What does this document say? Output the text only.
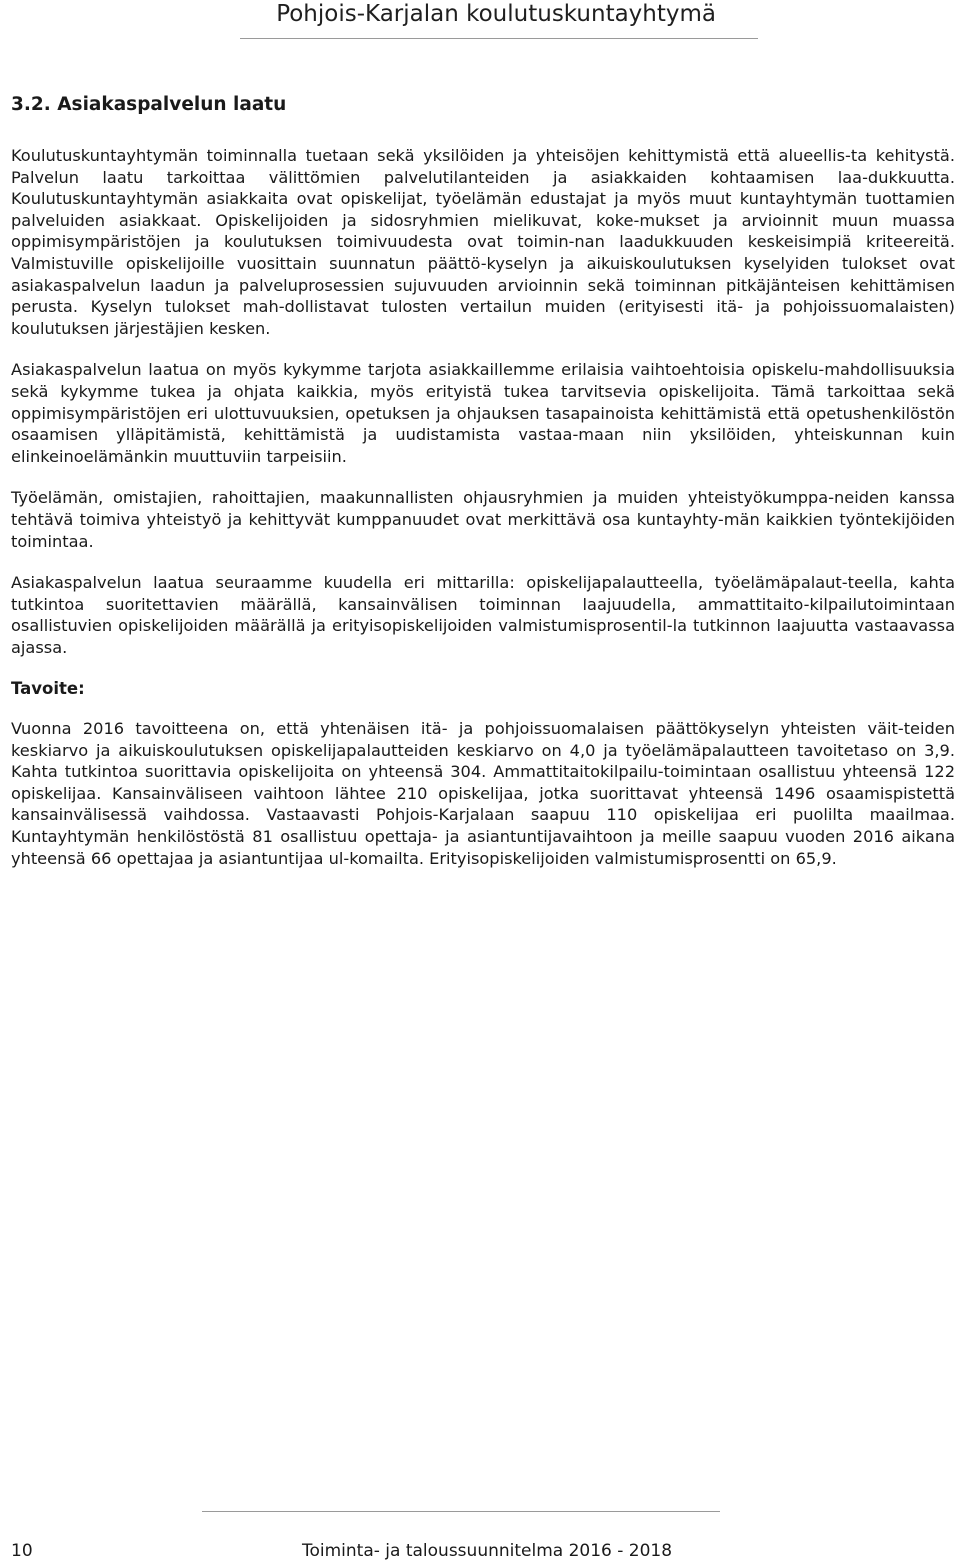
Pohjois-Karjalan koulutuskuntayhtymä
3.2. Asiakaspalvelun laatu

Koulutuskuntayhtymän toiminnalla tuetaan sekä yksilöiden ja yhteisöjen kehittymistä että alueellis-ta kehitystä. Palvelun laatu tarkoittaa välittömien palvelutilanteiden ja asiakkaiden kohtaamisen laa-dukkuutta. Koulutuskuntayhtymän asiakkaita ovat opiskelijat, työelämän edustajat ja myös muut kuntayhtymän tuottamien palveluiden asiakkaat. Opiskelijoiden ja sidosryhmien mielikuvat, koke-mukset ja arvioinnit muun muassa oppimisympäristöjen ja koulutuksen toimivuudesta ovat toimin-nan laadukkuuden keskeisimpiä kriteereitä. Valmistuville opiskelijoille vuosittain suunnatun päättö-kyselyn ja aikuiskoulutuksen kyselyiden tulokset ovat asiakaspalvelun laadun ja palveluprosessien sujuvuuden arvioinnin sekä toiminnan pitkäjänteisen kehittämisen perusta. Kyselyn tulokset mah-dollistavat tulosten vertailun muiden (erityisesti itä- ja pohjoissuomalaisten) koulutuksen järjestäjien kesken.

Asiakaspalvelun laatua on myös kykymme tarjota asiakkaillemme erilaisia vaihtoehtoisia opiskelu-mahdollisuuksia sekä kykymme tukea ja ohjata kaikkia, myös erityistä tukea tarvitsevia opiskelijoita. Tämä tarkoittaa sekä oppimisympäristöjen eri ulottuvuuksien, opetuksen ja ohjauksen tasapainoista kehittämistä että opetushenkilöstön osaamisen ylläpitämistä, kehittämistä ja uudistamista vastaa-maan niin yksilöiden, yhteiskunnan kuin elinkeinoelämänkin muuttuviin tarpeisiin.

Työelämän, omistajien, rahoittajien, maakunnallisten ohjausryhmien ja muiden yhteistyökumppa-neiden kanssa tehtävä toimiva yhteistyö ja kehittyvät kumppanuudet ovat merkittävä osa kuntayhty-män kaikkien työntekijöiden toimintaa.

Asiakaspalvelun laatua seuraamme kuudella eri mittarilla: opiskelijapalautteella, työelämäpalaut-teella, kahta tutkintoa suoritettavien määrällä, kansainvälisen toiminnan laajuudella, ammattitaito-kilpailutoimintaan osallistuvien opiskelijoiden määrällä ja erityisopiskelijoiden valmistumisprosentil-la tutkinnon laajuutta vastaavassa ajassa.

Tavoite:

Vuonna 2016 tavoitteena on, että yhtenäisen itä- ja pohjoissuomalaisen päättökyselyn yhteisten väit-teiden keskiarvo ja aikuiskoulutuksen opiskelijapalautteiden keskiarvo on 4,0 ja työelämäpalautteen tavoitetaso on 3,9. Kahta tutkintoa suorittavia opiskelijoita on yhteensä 304. Ammattitaitokilpailu-toimintaan osallistuu yhteensä 122 opiskelijaa. Kansainväliseen vaihtoon lähtee 210 opiskelijaa, jotka suorittavat yhteensä 1496 osaamispistettä kansainvälisessä vaihdossa. Vastaavasti Pohjois-Karjalaan saapuu 110 opiskelijaa eri puolilta maailmaa. Kuntayhtymän henkilöstöstä 81 osallistuu opettaja- ja asiantuntijavaihtoon ja meille saapuu vuoden 2016 aikana yhteensä 66 opettajaa ja asiantuntijaa ul-komailta. Erityisopiskelijoiden valmistumisprosentti on 65,9.

10	Toiminta- ja taloussuunnitelma 2016 - 2018
